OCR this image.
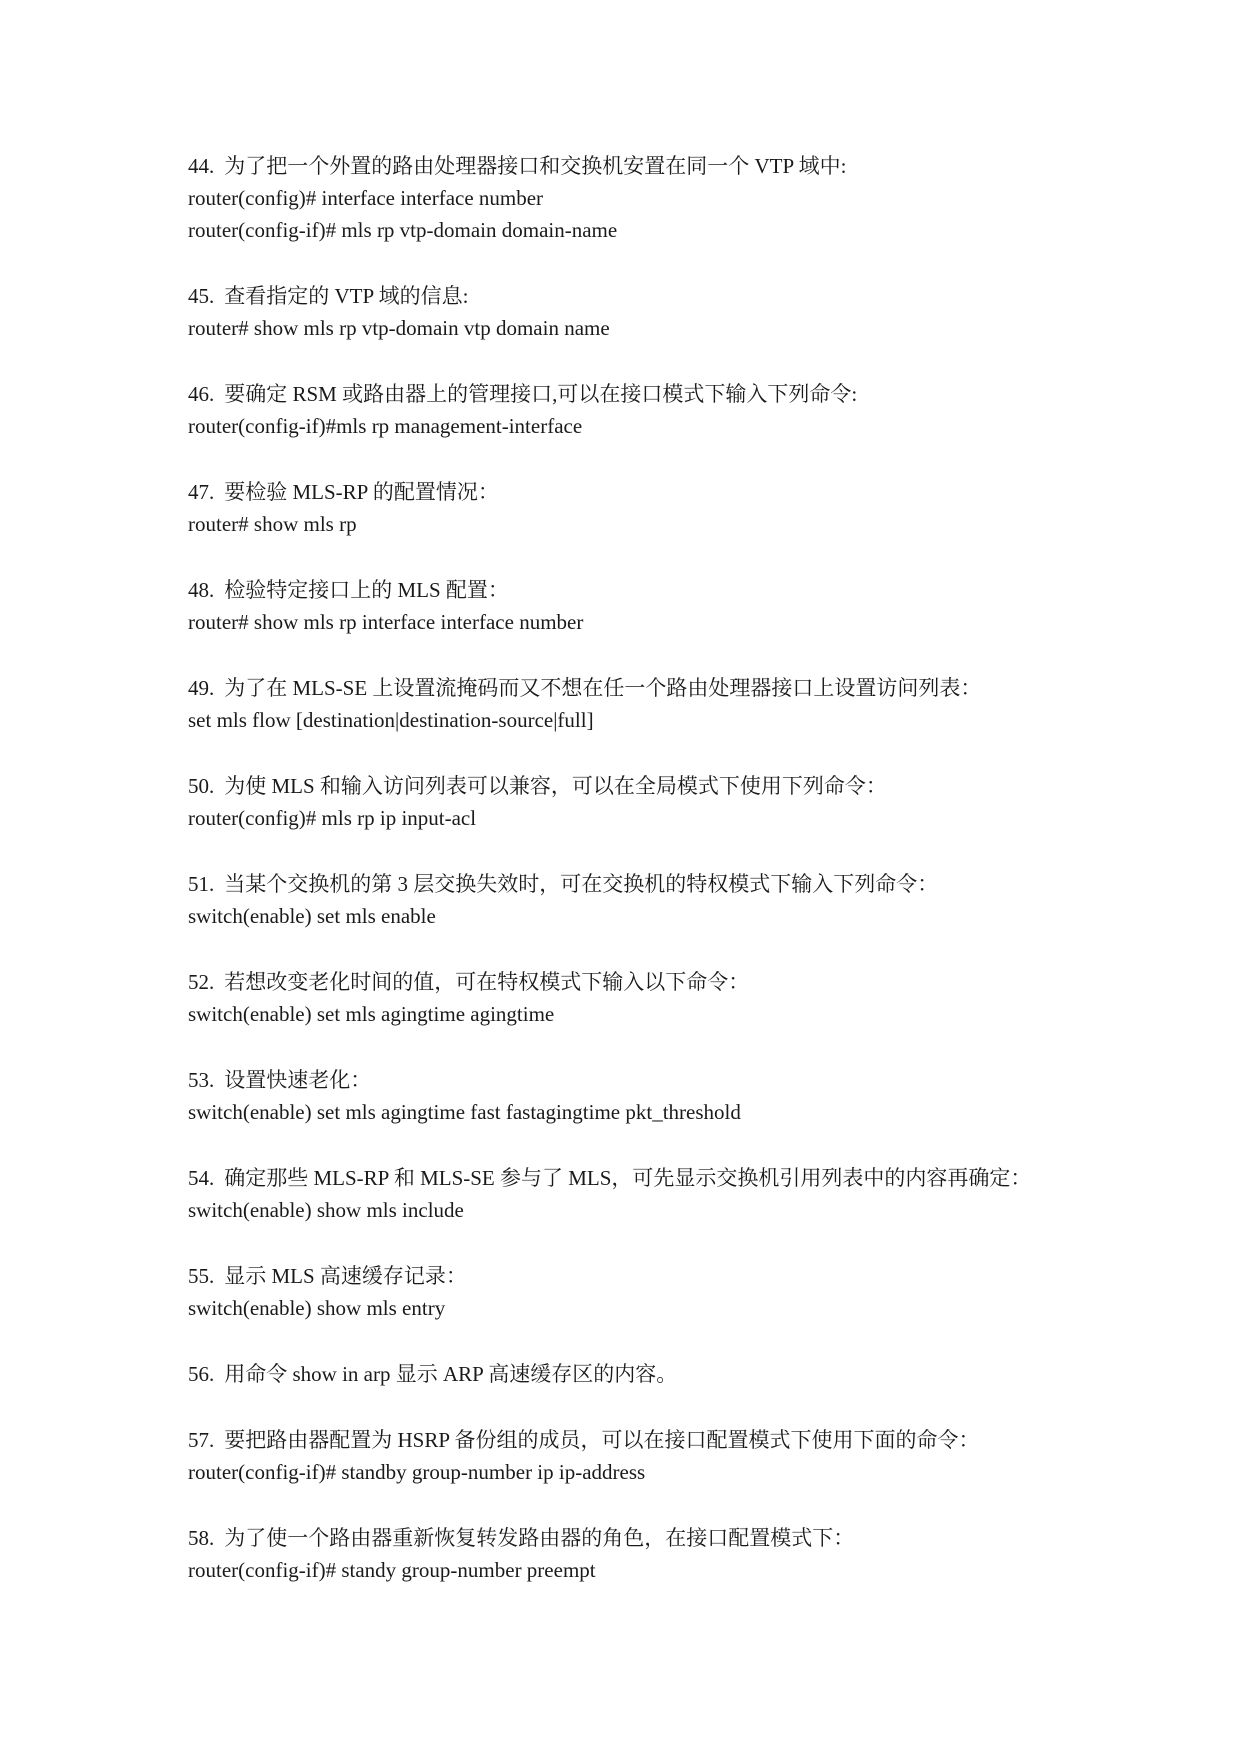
44. 为了把一个外置的路由处理器接口和交换机安置在同一个 VTP 域中:
router(config)# interface interface number
router(config-if)# mls rp vtp-domain domain-name
45. 查看指定的 VTP 域的信息:
router# show mls rp vtp-domain vtp domain name
46. 要确定 RSM 或路由器上的管理接口,可以在接口模式下输入下列命令:
router(config-if)#mls rp management-interface
47. 要检验 MLS-RP 的配置情况：
router# show mls rp
48. 检验特定接口上的 MLS 配置：
router# show mls rp interface interface number
49. 为了在 MLS-SE 上设置流掩码而又不想在任一个路由处理器接口上设置访问列表：
set mls flow [destination|destination-source|full]
50. 为使 MLS 和输入访问列表可以兼容，可以在全局模式下使用下列命令：
router(config)# mls rp ip input-acl
51. 当某个交换机的第 3 层交换失效时，可在交换机的特权模式下输入下列命令：
switch(enable) set mls enable
52. 若想改变老化时间的值，可在特权模式下输入以下命令：
switch(enable) set mls agingtime agingtime
53. 设置快速老化：
switch(enable) set mls agingtime fast fastagingtime pkt_threshold
54. 确定那些 MLS-RP 和 MLS-SE 参与了 MLS，可先显示交换机引用列表中的内容再确定：
switch(enable) show mls include
55. 显示 MLS 高速缓存记录：
switch(enable) show mls entry
56. 用命令 show in arp 显示 ARP 高速缓存区的内容。
57. 要把路由器配置为 HSRP 备份组的成员，可以在接口配置模式下使用下面的命令：
router(config-if)# standby group-number ip ip-address
58. 为了使一个路由器重新恢复转发路由器的角色，在接口配置模式下：
router(config-if)# standy group-number preempt
